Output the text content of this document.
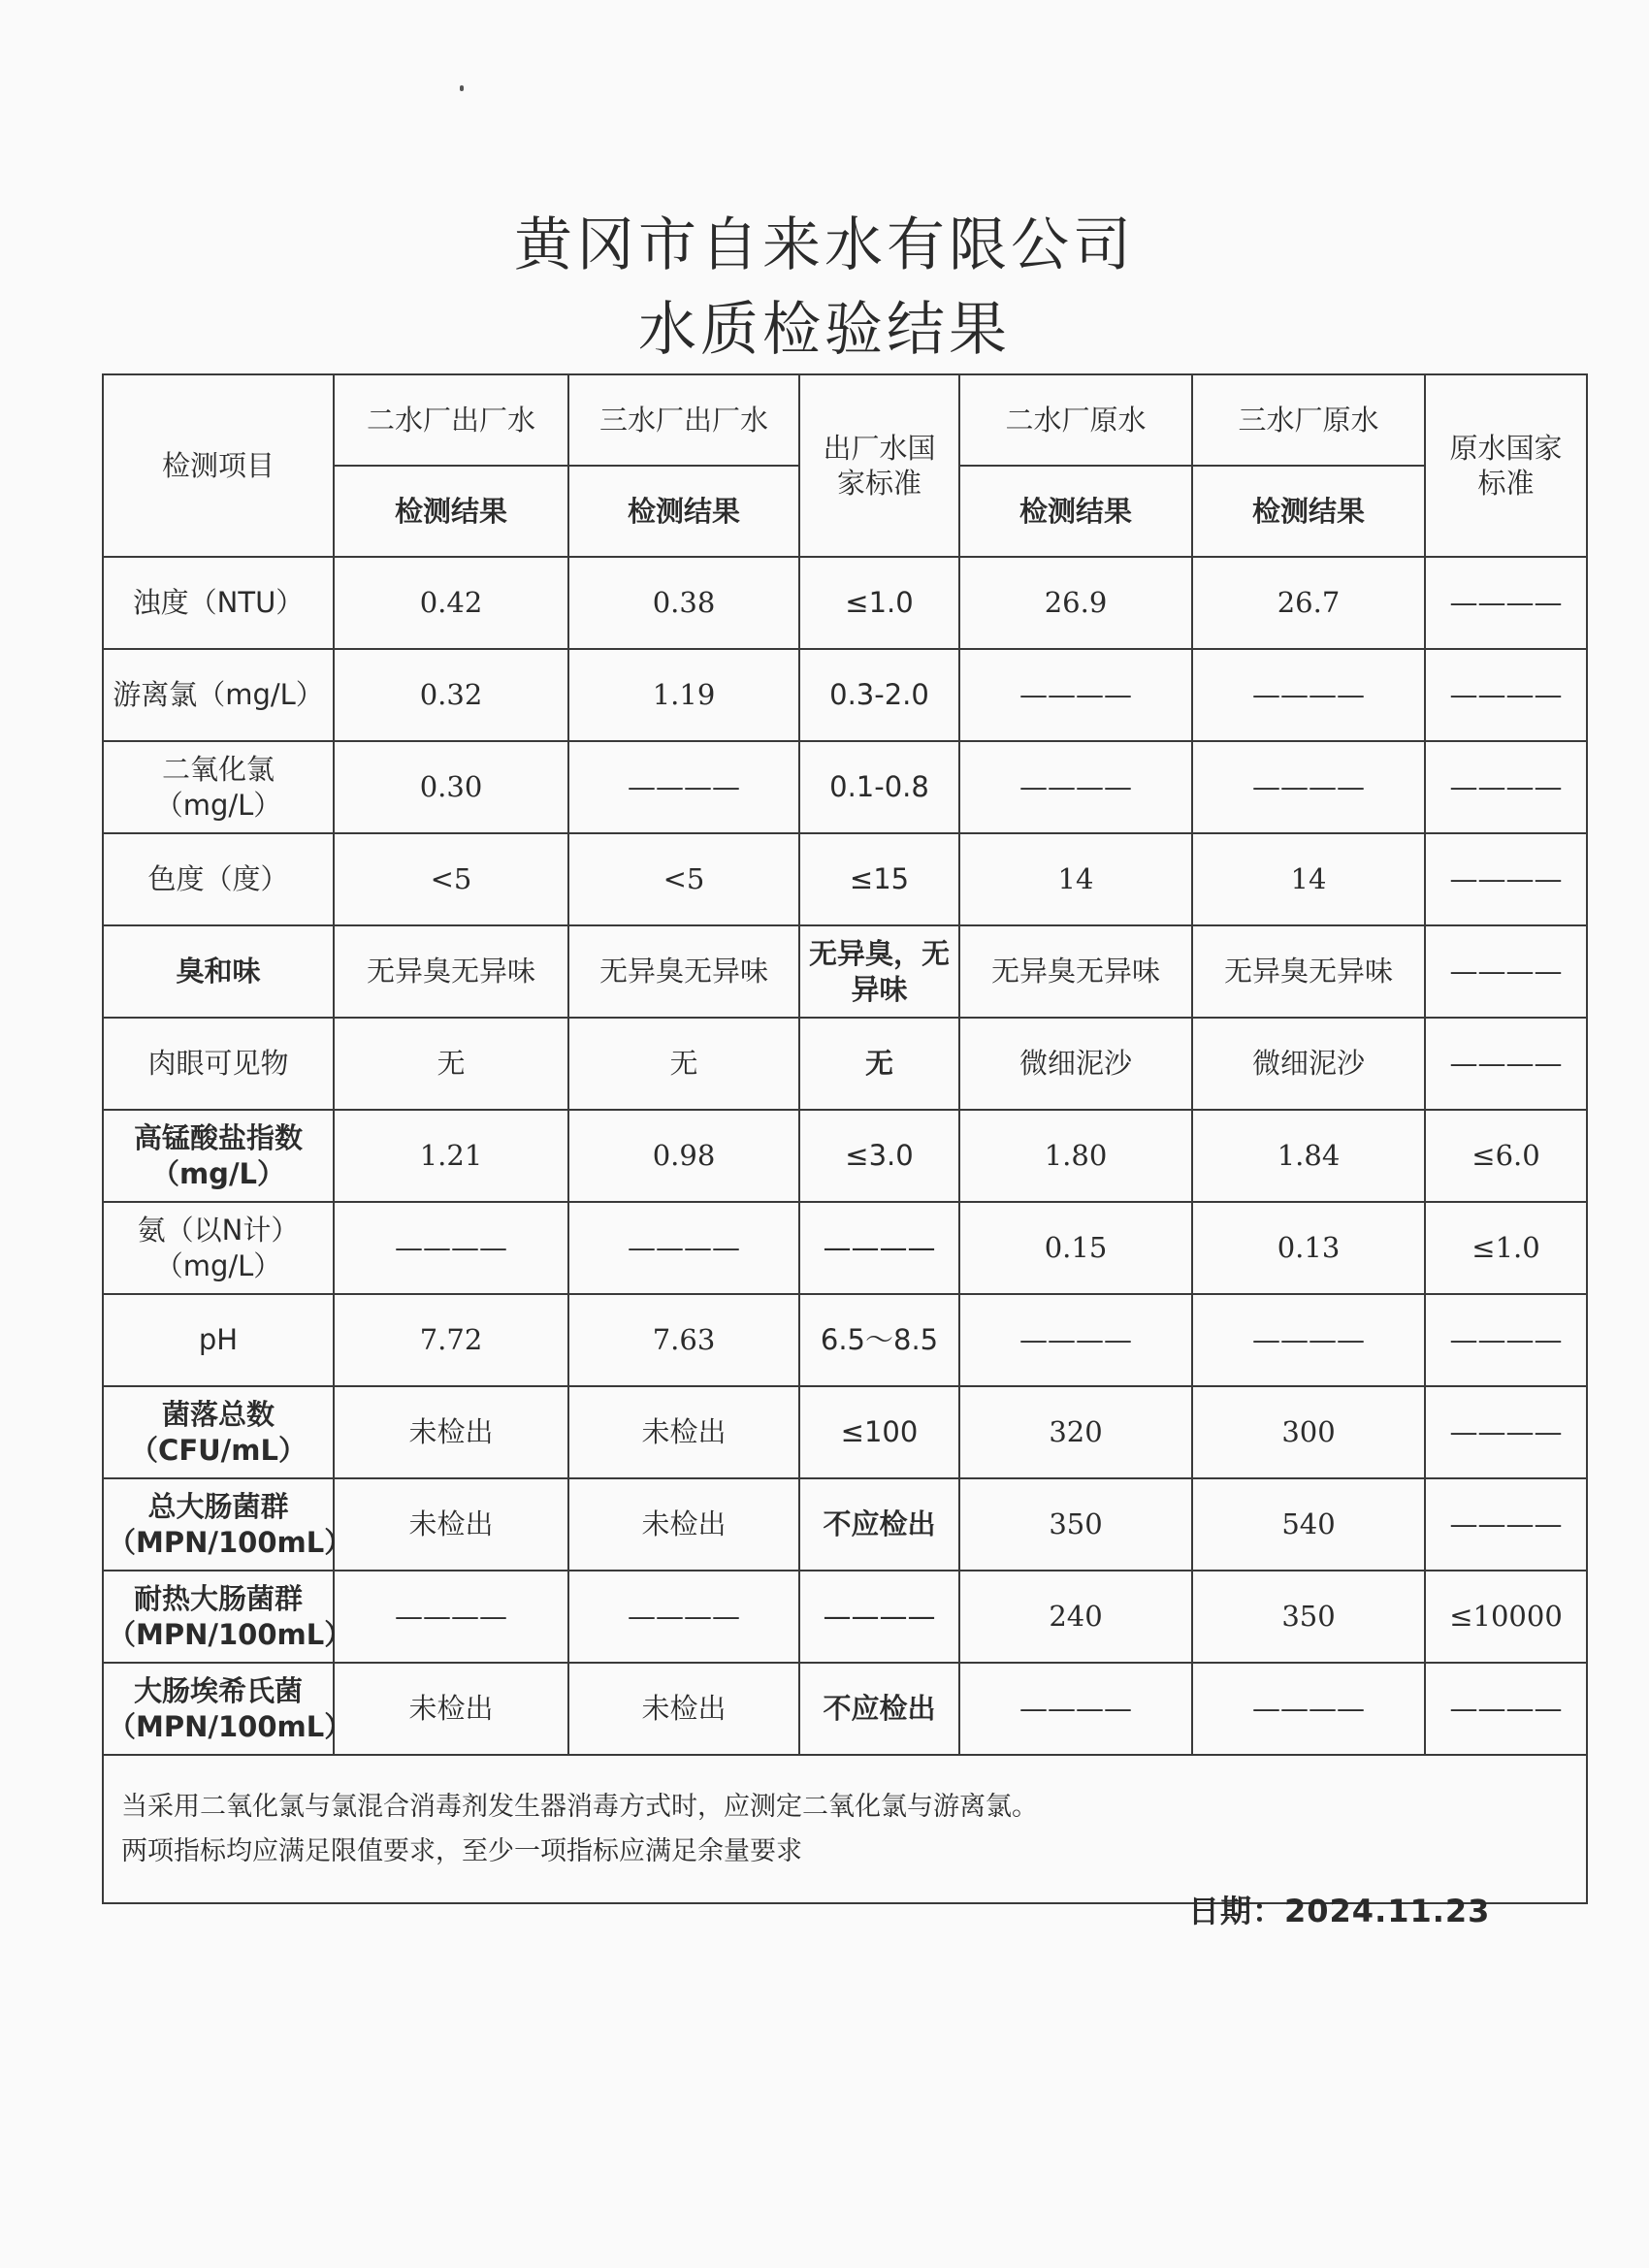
黄冈市自来水有限公司
水质检验结果
检测项目	二水厂出厂水	三水厂出厂水	出厂水国家标准	二水厂原水	三水厂原水	原水国家标准
	检测结果	检测结果		检测结果	检测结果	
浊度（NTU）	0.42	0.38	≤1.0	26.9	26.7	————
游离氯（mg/L）	0.32	1.19	0.3-2.0	————	————	————
二氧化氯（mg/L）	0.30	————	0.1-0.8	————	————	————
色度（度）	<5	<5	≤15	14	14	————
臭和味	无异臭无异味	无异臭无异味	无异臭，无异味	无异臭无异味	无异臭无异味	————
肉眼可见物	无	无	无	微细泥沙	微细泥沙	————
高锰酸盐指数（mg/L）	1.21	0.98	≤3.0	1.80	1.84	≤6.0
氨（以N计）（mg/L）	————	————	————	0.15	0.13	≤1.0
pH	7.72	7.63	6.5～8.5	————	————	————
菌落总数（CFU/mL）	未检出	未检出	≤100	320	300	————
总大肠菌群（MPN/100mL）	未检出	未检出	不应检出	350	540	————
耐热大肠菌群（MPN/100mL）	————	————	————	240	350	≤10000
大肠埃希氏菌（MPN/100mL）	未检出	未检出	不应检出	————	————	————

当采用二氧化氯与氯混合消毒剂发生器消毒方式时，应测定二氧化氯与游离氯。
两项指标均应满足限值要求，至少一项指标应满足余量要求						
日期：2024.11.23
